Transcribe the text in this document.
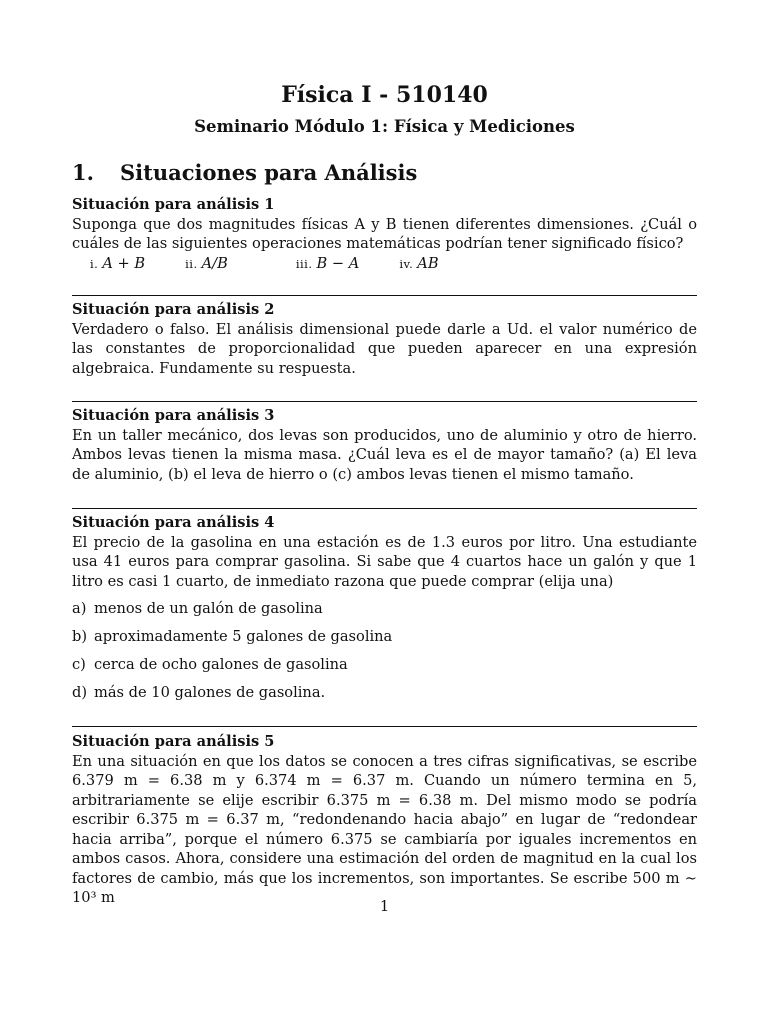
Física I - 510140
Seminario Módulo 1: Física y Mediciones
1. Situaciones para Análisis
Situación para análisis 1

Suponga que dos magnitudes físicas A y B tienen diferentes dimensiones. ¿Cuál o cuáles de las siguientes operaciones matemáticas podrían tener significado físico?

i. A + B	ii. A/B	iii. B − A	iv. AB
Situación para análisis 2

Verdadero o falso. El análisis dimensional puede darle a Ud. el valor numérico de las constantes de proporcionalidad que pueden aparecer en una expresión algebraica. Fundamente su respuesta.

Situación para análisis 3

En un taller mecánico, dos levas son producidos, uno de aluminio y otro de hierro. Ambos levas tienen la misma masa. ¿Cuál leva es el de mayor tamaño? (a) El leva de aluminio, (b) el leva de hierro o (c) ambos levas tienen el mismo tamaño.

Situación para análisis 4

El precio de la gasolina en una estación es de 1.3 euros por litro. Una estudiante usa 41 euros para comprar gasolina. Si sabe que 4 cuartos hace un galón y que 1 litro es casi 1 cuarto, de inmediato razona que puede comprar (elija una)

a) menos de un galón de gasolina
b) aproximadamente 5 galones de gasolina
c) cerca de ocho galones de gasolina
d) más de 10 galones de gasolina.
Situación para análisis 5

En una situación en que los datos se conocen a tres cifras significativas, se escribe 6.379 m = 6.38 m y 6.374 m = 6.37 m. Cuando un número termina en 5, arbitrariamente se elije escribir 6.375 m = 6.38 m. Del mismo modo se podría escribir 6.375 m = 6.37 m, “redondenando hacia abajo” en lugar de “redondear hacia arriba”, porque el número 6.375 se cambiaría por iguales incrementos en ambos casos. Ahora, considere una estimación del orden de magnitud en la cual los factores de cambio, más que los incrementos, son importantes. Se escribe 500 m ∼ 10³ m

1
